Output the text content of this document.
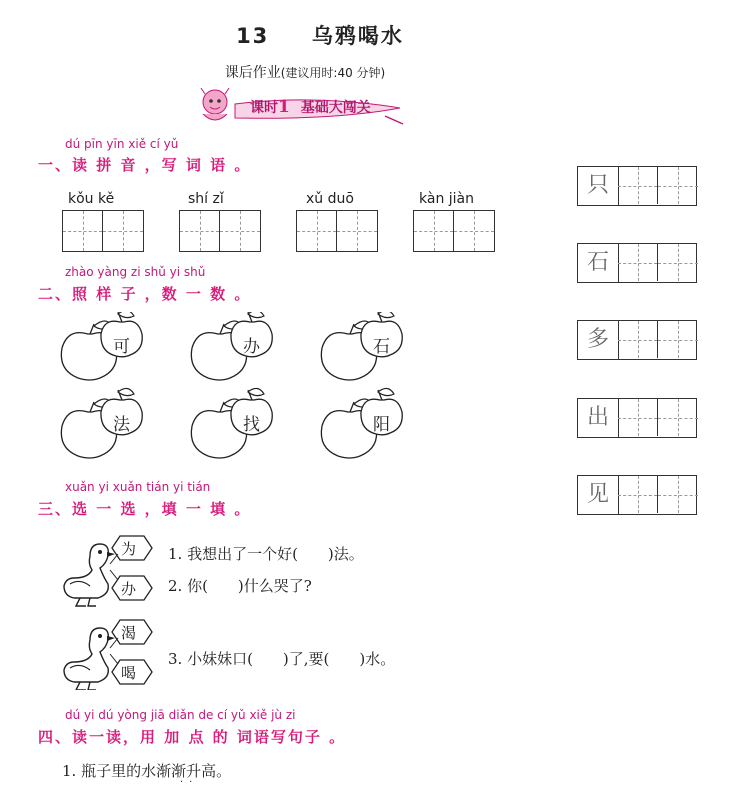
13 乌鸦喝水
课后作业(建议用时:40 分钟)
课时1 基础大闯关
dú pīn yīn xiě cí yǔ
一、读 拼 音 ，写 词 语 。
kǒu kě	shí zǐ	xǔ duō	kàn jiàn
zhào yàng zi shǔ yi shǔ
二、照 样 子 ，数 一 数 。
可	办	石
法	找	阳
只
石
多
出
见
xuǎn yi xuǎn tián yi tián
三、选 一 选 ，填 一 填 。
为
办
渴
喝
1. 我想出了一个好(　　)法。
2. 你(　　)什么哭了?
3. 小妹妹口(　　)了,要(　　)水。
dú yi dú yòng jiā diǎn de cí yǔ xiě jù zi
四、读一读，用 加 点 的 词语写句子 。
1. 瓶子里的水渐渐升高。
··
